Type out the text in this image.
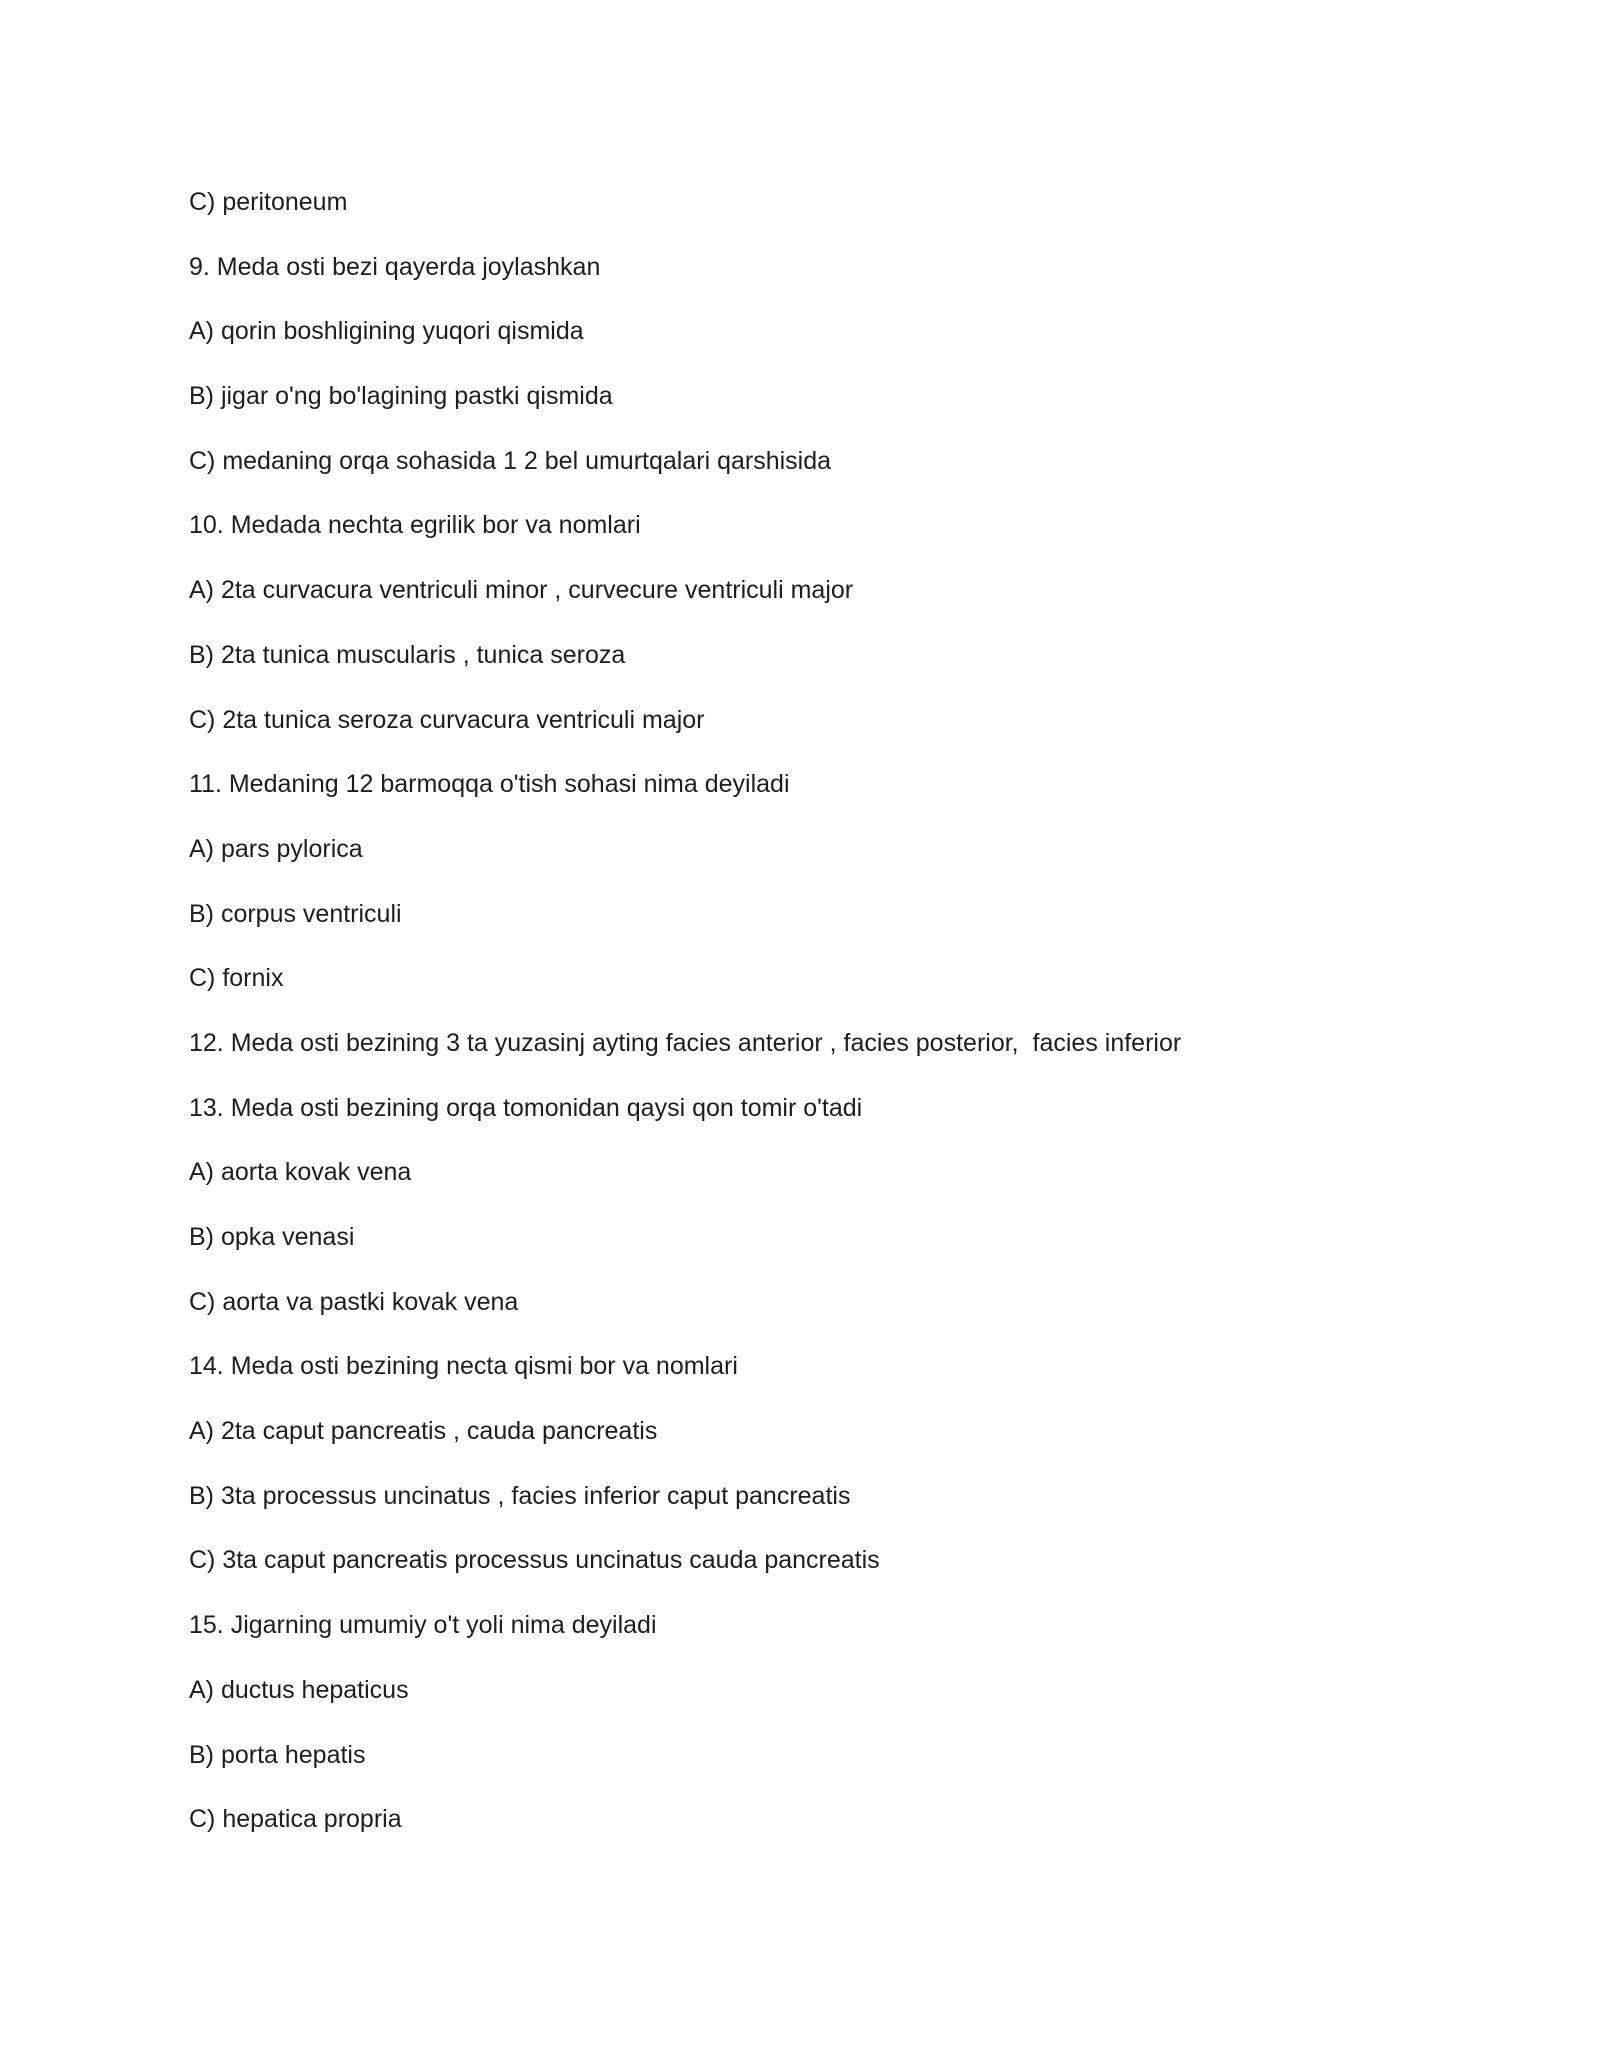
C) peritoneum
9. Meda osti bezi qayerda joylashkan
A) qorin boshligining yuqori qismida
B) jigar o'ng bo'lagining pastki qismida
C) medaning orqa sohasida 1 2 bel umurtqalari qarshisida
10. Medada nechta egrilik bor va nomlari
A) 2ta curvacura ventriculi minor , curvecure ventriculi major
B) 2ta tunica muscularis , tunica seroza
C) 2ta tunica seroza curvacura ventriculi major
11. Medaning 12 barmoqqa o'tish sohasi nima deyiladi
A) pars pylorica
B) corpus ventriculi
C) fornix
12. Meda osti bezining 3 ta yuzasinj ayting facies anterior , facies posterior,  facies inferior
13. Meda osti bezining orqa tomonidan qaysi qon tomir o'tadi
A) aorta kovak vena
B) opka venasi
C) aorta va pastki kovak vena
14. Meda osti bezining necta qismi bor va nomlari
A) 2ta caput pancreatis , cauda pancreatis
B) 3ta processus uncinatus , facies inferior caput pancreatis
C) 3ta caput pancreatis processus uncinatus cauda pancreatis
15. Jigarning umumiy o't yoli nima deyiladi
A) ductus hepaticus
B) porta hepatis
C) hepatica propria
